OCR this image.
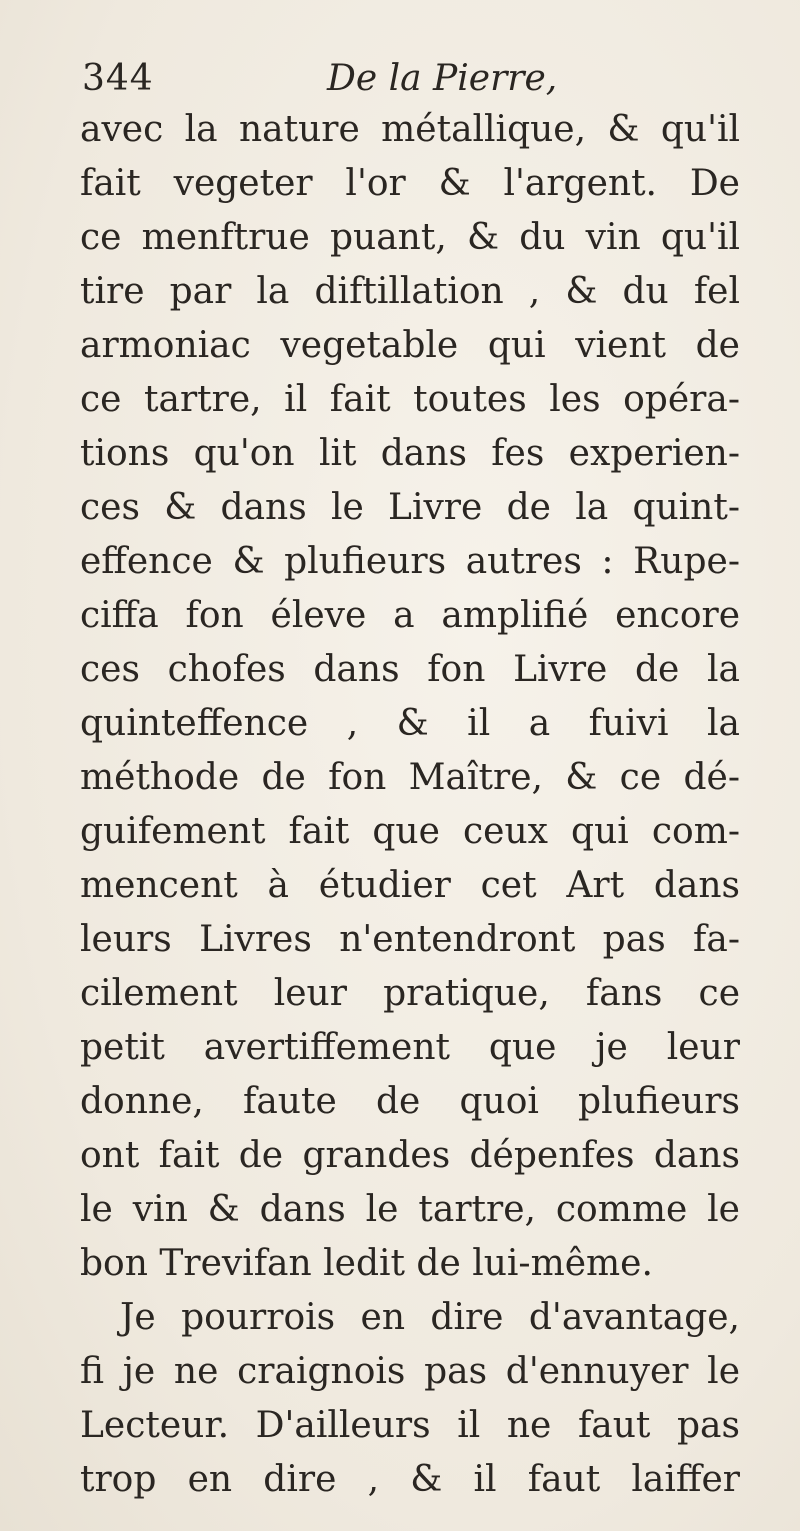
344	De la Pierre,
avec la nature métallique, & qu'il
fait vegeter l'or & l'argent. De
ce menftrue puant, & du vin qu'il
tire par la diftillation , & du fel
armoniac vegetable qui vient de
ce tartre, il fait toutes les opéra-
tions qu'on lit dans fes experien-
ces & dans le Livre de la quint-
effence & plufieurs autres : Rupe-
ciffa fon éleve a amplifié encore
ces chofes dans fon Livre de la
quinteffence , & il a fuivi la
méthode de fon Maître, & ce dé-
guifement fait que ceux qui com-
mencent à étudier cet Art dans
leurs Livres n'entendront pas fa-
cilement leur pratique, fans ce
petit avertiffement que je leur
donne, faute de quoi plufieurs
ont fait de grandes dépenfes dans
le vin & dans le tartre, comme le
bon Trevifan ledit de lui-même.
Je pourrois en dire d'avantage,
fi je ne craignois pas d'ennuyer le
Lecteur. D'ailleurs il ne faut pas
trop en dire , & il faut laiffer
